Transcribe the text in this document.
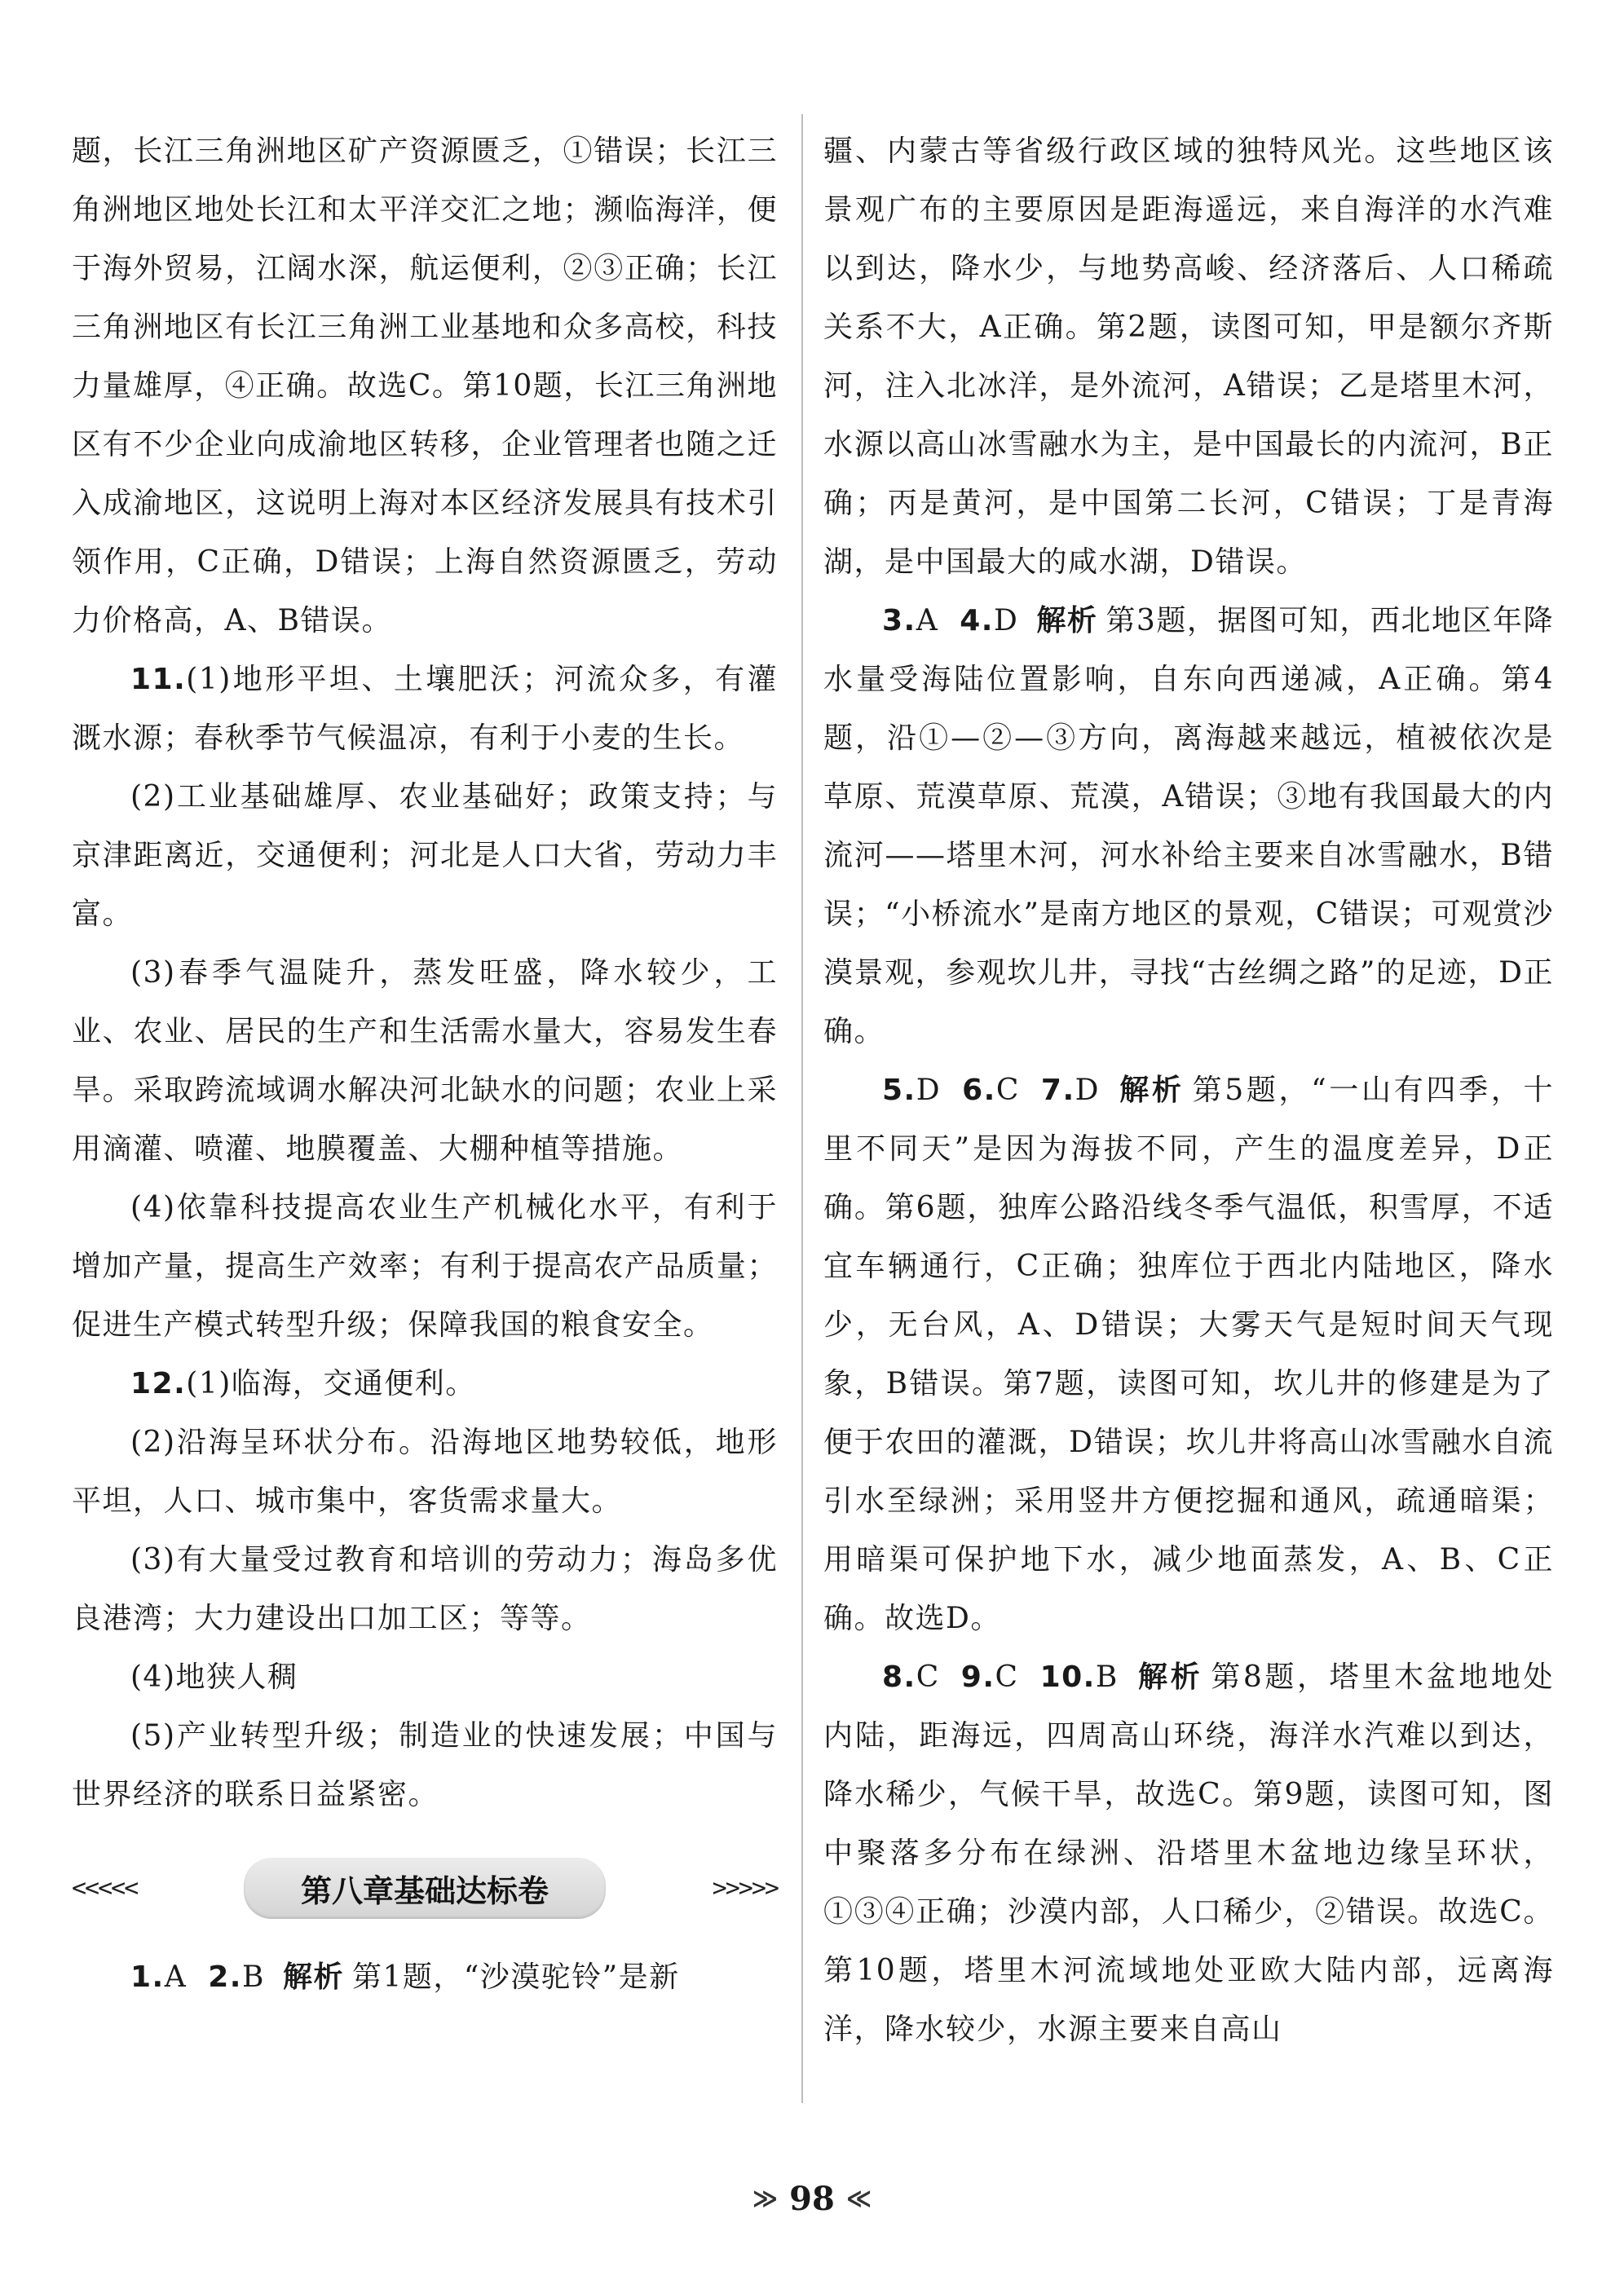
题，长江三角洲地区矿产资源匮乏，①错误；长江三角洲地区地处长江和太平洋交汇之地；濒临海洋，便于海外贸易，江阔水深，航运便利，②③正确；长江三角洲地区有长江三角洲工业基地和众多高校，科技力量雄厚，④正确。故选C。第10题，长江三角洲地区有不少企业向成渝地区转移，企业管理者也随之迁入成渝地区，这说明上海对本区经济发展具有技术引领作用，C正确，D错误；上海自然资源匮乏，劳动力价格高，A、B错误。

11.(1)地形平坦、土壤肥沃；河流众多，有灌溉水源；春秋季节气候温凉，有利于小麦的生长。

(2)工业基础雄厚、农业基础好；政策支持；与京津距离近，交通便利；河北是人口大省，劳动力丰富。

(3)春季气温陡升，蒸发旺盛，降水较少，工业、农业、居民的生产和生活需水量大，容易发生春旱。采取跨流域调水解决河北缺水的问题；农业上采用滴灌、喷灌、地膜覆盖、大棚种植等措施。

(4)依靠科技提高农业生产机械化水平，有利于增加产量，提高生产效率；有利于提高农产品质量；促进生产模式转型升级；保障我国的粮食安全。

12.(1)临海，交通便利。

(2)沿海呈环状分布。沿海地区地势较低，地形平坦，人口、城市集中，客货需求量大。

(3)有大量受过教育和培训的劳动力；海岛多优良港湾；大力建设出口加工区；等等。

(4)地狭人稠

(5)产业转型升级；制造业的快速发展；中国与世界经济的联系日益紧密。

<<<<<	第八章基础达标卷	>>>>>

1.A 2.B 解析 第1题，“沙漠驼铃”是新

疆、内蒙古等省级行政区域的独特风光。这些地区该景观广布的主要原因是距海遥远，来自海洋的水汽难以到达，降水少，与地势高峻、经济落后、人口稀疏关系不大，A正确。第2题，读图可知，甲是额尔齐斯河，注入北冰洋，是外流河，A错误；乙是塔里木河，水源以高山冰雪融水为主，是中国最长的内流河，B正确；丙是黄河，是中国第二长河，C错误；丁是青海湖，是中国最大的咸水湖，D错误。

3.A 4.D 解析 第3题，据图可知，西北地区年降水量受海陆位置影响，自东向西递减，A正确。第4题，沿①—②—③方向，离海越来越远，植被依次是草原、荒漠草原、荒漠，A错误；③地有我国最大的内流河——塔里木河，河水补给主要来自冰雪融水，B错误；“小桥流水”是南方地区的景观，C错误；可观赏沙漠景观，参观坎儿井，寻找“古丝绸之路”的足迹，D正确。

5.D 6.C 7.D 解析 第5题，“一山有四季，十里不同天”是因为海拔不同，产生的温度差异，D正确。第6题，独库公路沿线冬季气温低，积雪厚，不适宜车辆通行，C正确；独库位于西北内陆地区，降水少，无台风，A、D错误；大雾天气是短时间天气现象，B错误。第7题，读图可知，坎儿井的修建是为了便于农田的灌溉，D错误；坎儿井将高山冰雪融水自流引水至绿洲；采用竖井方便挖掘和通风，疏通暗渠；用暗渠可保护地下水，减少地面蒸发，A、B、C正确。故选D。

8.C 9.C 10.B 解析 第8题，塔里木盆地地处内陆，距海远，四周高山环绕，海洋水汽难以到达，降水稀少，气候干旱，故选C。第9题，读图可知，图中聚落多分布在绿洲、沿塔里木盆地边缘呈环状，①③④正确；沙漠内部，人口稀少，②错误。故选C。第10题，塔里木河流域地处亚欧大陆内部，远离海洋，降水较少，水源主要来自高山

≫ 98 ≪
